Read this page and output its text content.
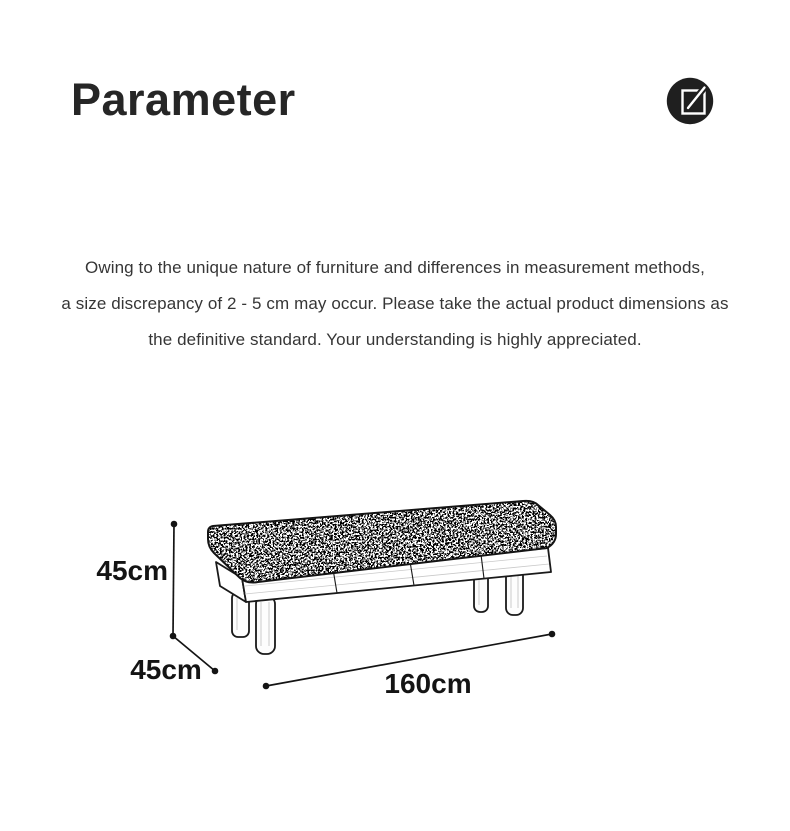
Parameter
Owing to the unique nature of furniture and differences in measurement methods,
a size discrepancy of 2 - 5 cm may occur. Please take the actual product dimensions as
the definitive standard. Your understanding is highly appreciated.
45cm
45cm	160cm
